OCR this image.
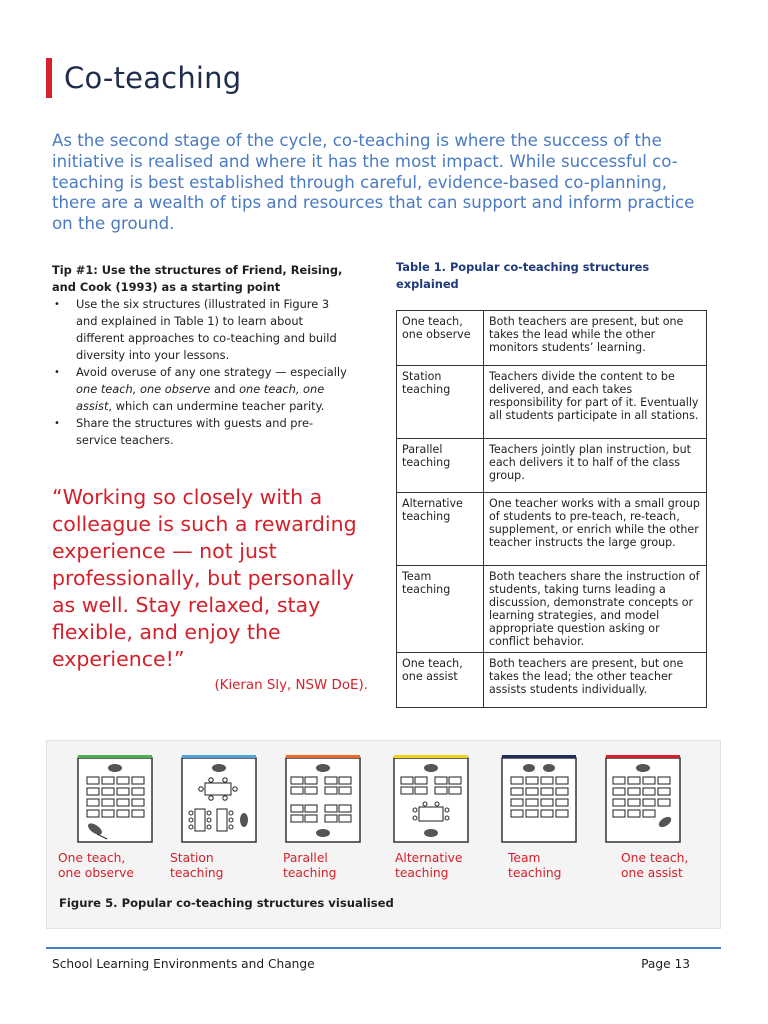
Co-teaching

As the second stage of the cycle, co-teaching is where the success of the initiative is realised and where it has the most impact. While successful co-teaching is best established through careful, evidence-based co-planning, there are a wealth of tips and resources that can support and inform practice on the ground.

Tip #1: Use the structures of Friend, Reising, and Cook (1993) as a starting point
• Use the six structures (illustrated in Figure 3 and explained in Table 1) to learn about different approaches to co-teaching and build diversity into your lessons.
• Avoid overuse of any one strategy — especially one teach, one observe and one teach, one assist, which can undermine teacher parity.
• Share the structures with guests and pre-service teachers.
“Working so closely with a colleague is such a rewarding experience — not just professionally, but personally as well. Stay relaxed, stay flexible, and enjoy the experience!”
(Kieran Sly, NSW DoE).
Table 1. Popular co-teaching structures explained
One teach, one observe	Both teachers are present, but one takes the lead while the other monitors students’ learning.
Station teaching	Teachers divide the content to be delivered, and each takes responsibility for part of it. Eventually all students participate in all stations.
Parallel teaching	Teachers jointly plan instruction, but each delivers it to half of the class group.
Alternative teaching	One teacher works with a small group of students to pre-teach, re-teach, supplement, or enrich while the other teacher instructs the large group.
Team teaching	Both teachers share the instruction of students, taking turns leading a discussion, demonstrate concepts or learning strategies, and model appropriate question asking or conflict behavior.
One teach, one assist	Both teachers are present, but one takes the lead; the other teacher assists students individually.
One teach, one observe
Station teaching
Parallel teaching
Alternative teaching
Team teaching
One teach, one assist
Figure 5. Popular co-teaching structures visualised
School Learning Environments and Change	Page 13
